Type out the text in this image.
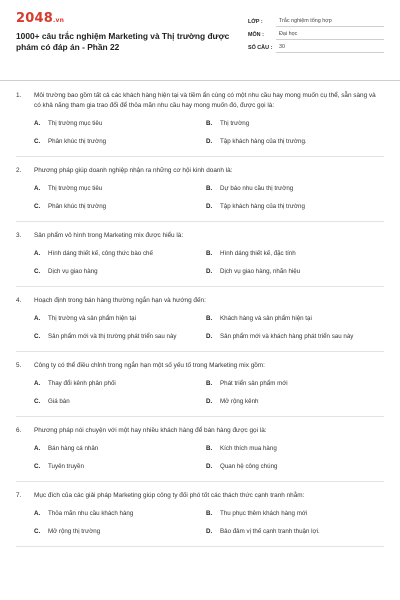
2048.vn
1000+ câu trắc nghiệm Marketing và Thị trường được phám có đáp án - Phần 22
LỚP :	Trắc nghiệm tổng hợp
MÔN :	Đại học
SỐ CÂU :	30
1.	Môi trường bao gồm tất cả các khách hàng hiện tại và tiềm ẩn cùng có một nhu cầu hay mong muốn cụ thể, sẵn sàng và có khả năng tham gia trao đổi để thỏa mãn nhu cầu hay mong muốn đó, được gọi là:
A.	Thị trường mục tiêu	B.	Thị trường
C.	Phân khúc thị trường	D.	Tập khách hàng của thị trường.
2.	Phương pháp giúp doanh nghiệp nhận ra những cơ hội kinh doanh là:
A.	Thị trường mục tiêu	B.	Dự báo nhu cầu thị trường
C.	Phân khúc thị trường	D.	Tập khách hàng của thị trường
3.	Sản phẩm vô hình trong Marketing mix được hiểu là:
A.	Hình dáng thiết kế, công thức bào chế	B.	Hình dáng thiết kế, đặc tính
C.	Dịch vụ giao hàng	D.	Dịch vụ giao hàng, nhãn hiệu
4.	Hoạch định trong bán hàng thường ngắn hạn và hướng đến:
A.	Thị trường và sản phẩm hiện tại	B.	Khách hàng và sản phẩm hiện tại
C.	Sản phẩm mới và thị trường phát triển sau này	D.	Sản phẩm mới và khách hàng phát triển sau này
5.	Công ty có thể điều chỉnh trong ngắn hạn một số yếu tố trong Marketing mix gồm:
A.	Thay đổi kênh phân phối	B.	Phát triển sản phẩm mới
C.	Giá bán	D.	Mở rộng kênh
6.	Phương pháp nói chuyện với một hay nhiều khách hàng để bán hàng được gọi là:
A.	Bán hàng cá nhân	B.	Kích thích mua hàng
C.	Tuyên truyền	D.	Quan hệ công chúng
7.	Mục đích của các giải pháp Marketing giúp công ty đối phó tốt các thách thức cạnh tranh nhằm:
A.	Thỏa mãn nhu cầu khách hàng	B.	Thu phục thêm khách hàng mới
C.	Mở rộng thị trường	D.	Bảo đảm vị thế cạnh tranh thuận lợi.
